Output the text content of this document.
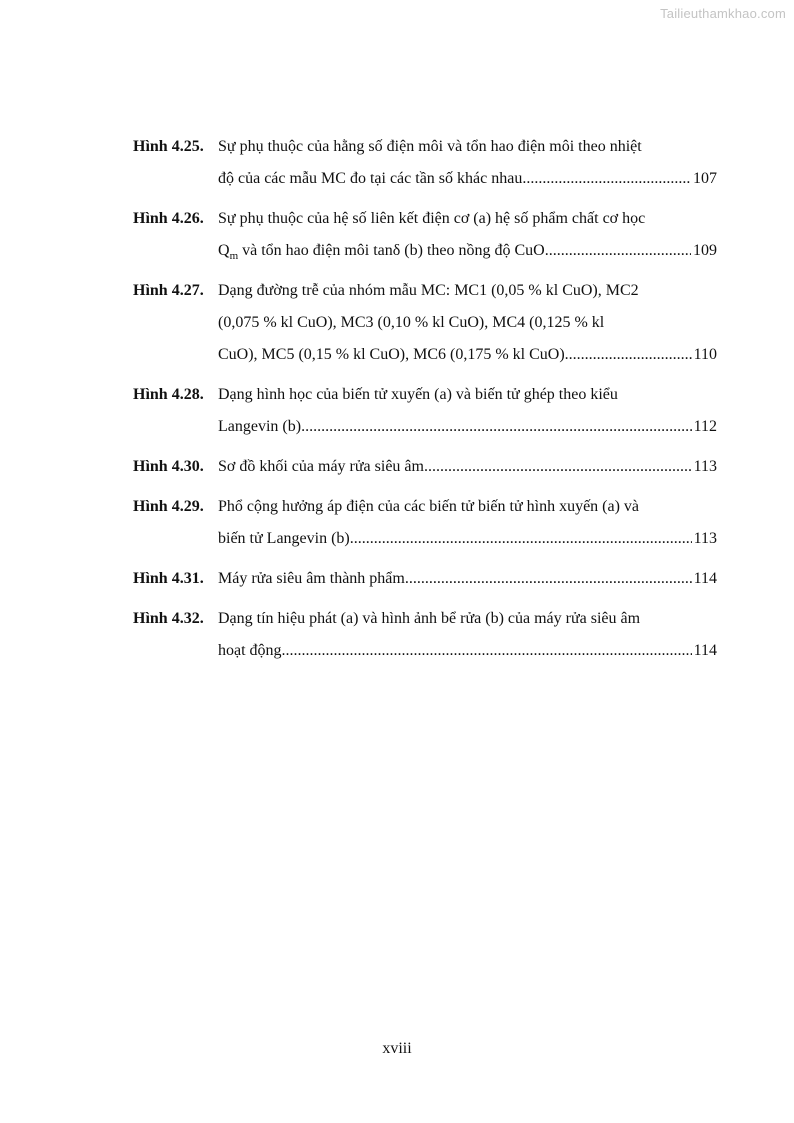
Tailieuthamkhao.com
Hình 4.25. Sự phụ thuộc của hằng số điện môi và tổn hao điện môi theo nhiệt
độ của các mẫu MC đo tại các tần số khác nhau. .....	107
Hình 4.26. Sự phụ thuộc của hệ số liên kết điện cơ (a) hệ số phẩm chất cơ học
$Q_m$ và tổn hao điện môi tanδ (b) theo nồng độ CuO .....	109
Hình 4.27. Dạng đường trễ của nhóm mẫu MC: MC1 (0,05 % kl CuO), MC2
(0,075 % kl CuO), MC3 (0,10 % kl CuO), MC4 (0,125 % kl
CuO), MC5 (0,15 % kl CuO), MC6 (0,175 % kl CuO) .....	110
Hình 4.28. Dạng hình học của biến tử xuyến (a) và biến tử ghép theo kiểu
Langevin (b) .....	112
Hình 4.30. Sơ đồ khối của máy rửa siêu âm .....	113
Hình 4.29. Phổ cộng hưởng áp điện của các biến tử biến tử hình xuyến (a) và
biến tử Langevin (b) .....	113
Hình 4.31. Máy rửa siêu âm thành phẩm .....	114
Hình 4.32. Dạng tín hiệu phát (a) và hình ảnh bể rửa (b) của máy rửa siêu âm
hoạt động .....	114
xviii
